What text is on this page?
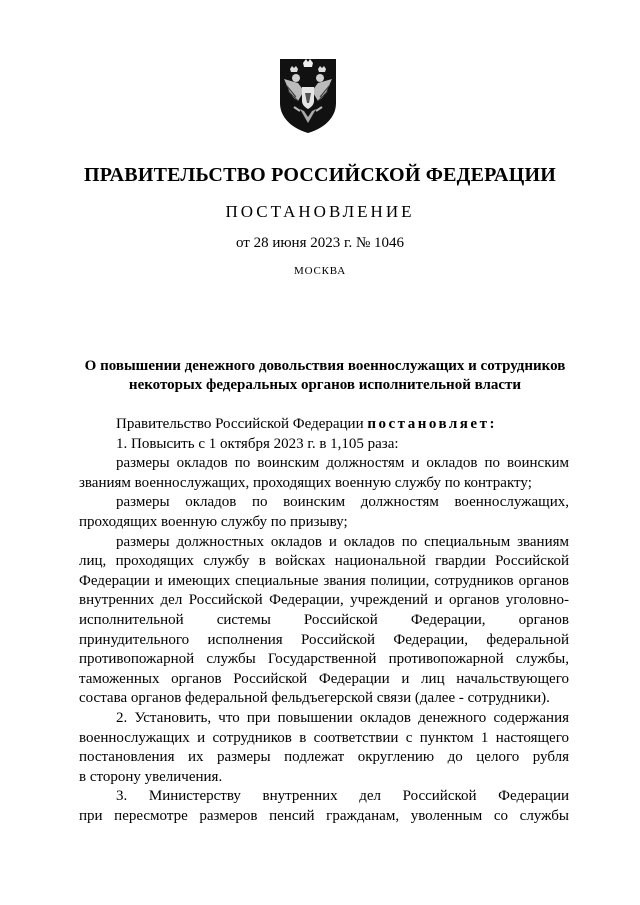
ПРАВИТЕЛЬСТВО РОССИЙСКОЙ ФЕДЕРАЦИИ
ПОСТАНОВЛЕНИЕ
от 28 июня 2023 г. № 1046
МОСКВА
О повышении денежного довольствия военнослужащих и сотрудников
некоторых федеральных органов исполнительной власти
Правительство Российской Федерации постановляет:
1. Повысить с 1 октября 2023 г. в 1,105 раза:
размеры окладов по воинским должностям и окладов по воинским
званиям военнослужащих, проходящих военную службу по контракту;
размеры окладов по воинским должностям военнослужащих,
проходящих военную службу по призыву;
размеры должностных окладов и окладов по специальным званиям
лиц, проходящих службу в войсках национальной гвардии Российской
Федерации и имеющих специальные звания полиции, сотрудников органов
внутренних дел Российской Федерации, учреждений и органов уголовно-
исполнительной системы Российской Федерации, органов
принудительного исполнения Российской Федерации, федеральной
противопожарной службы Государственной противопожарной службы,
таможенных органов Российской Федерации и лиц начальствующего
состава органов федеральной фельдъегерской связи (далее - сотрудники).
2. Установить, что при повышении окладов денежного содержания
военнослужащих и сотрудников в соответствии с пунктом 1 настоящего
постановления их размеры подлежат округлению до целого рубля
в сторону увеличения.
3. Министерству внутренних дел Российской Федерации
при пересмотре размеров пенсий гражданам, уволенным со службы
